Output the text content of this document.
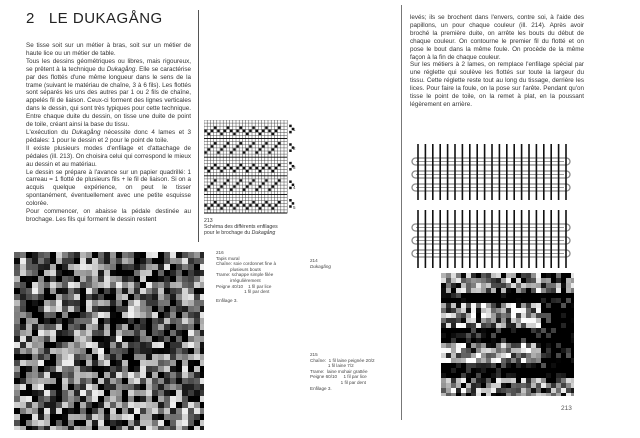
2 LE DUKAGÅNG

Se tisse soit sur un métier à bras, soit sur un métier de haute lice ou un métier de table.

Tous les dessins géométriques ou libres, mais rigoureux, se prêtent à la technique du Dukagång. Elle se caractérise par des flottés d'une même longueur dans le sens de la trame (suivant le matériau de chaîne, 3 à 6 fils). Les flottés sont séparés les uns des autres par 1 ou 2 fils de chaîne, appelés fil de liaison. Ceux-ci forment des lignes verticales dans le dessin, qui sont très typiques pour cette technique. Entre chaque duite du dessin, on tisse une duite de point de toile, créant ainsi la base du tissu.

L'exécution du Dukagång nécessite donc 4 lames et 3 pédales: 1 pour le dessin et 2 pour le point de toile.

Il existe plusieurs modes d'enfilage et d'attachage de pédales (ill. 213). On choisira celui qui correspond le mieux au dessin et au matériau.

Le dessin se prépare à l'avance sur un papier quadrillé: 1 carreau = 1 flotté de plusieurs fils + le fil de liaison. Si on a acquis quelque expérience, on peut le tisser spontanément, éventuellement avec une petite esquisse colorée.

Pour commencer, on abaisse la pédale destinée au brochage. Les fils qui forment le dessin restent

1
2
3
4
5
213
Schéma des différents enfilages
pour le brochage du Dukagång

levés; ils se brochent dans l'envers, contre soi, à l'aide des papillons, un pour chaque couleur (ill. 214). Après avoir broché la première duite, on arrête les bouts du début de chaque couleur. On contourne le premier fil du flotté et on pose le bout dans la même foule. On procède de la même façon à la fin de chaque couleur.

Sur les métiers à 2 lames, on remplace l'enfilage spécial par une réglette qui soulève les flottés sur toute la largeur du tissu. Cette réglette reste tout au long du tissage, derrière les lices. Pour faire la foule, on la pose sur l'arête. Pendant qu'on tisse le point de toile, on la remet à plat, en la poussant légèrement en arrière.

216
Tapis mural
Chaîne: soie cordonnet fine à
plusieurs bouts
Trame: schappe simple filée
irrégulièrement
Peigne 40/10    1 fil par lice
1 fil par dent
Enfilage 3.
214
Dukagång
215
Chaîne:  1 fil laine peignée 20/2
1 fil laine 7/2
Trame:  laine mohair grattée
Peigne 60/10     1 fil par lice
1 fil par dent
Enfilage 3.
213
